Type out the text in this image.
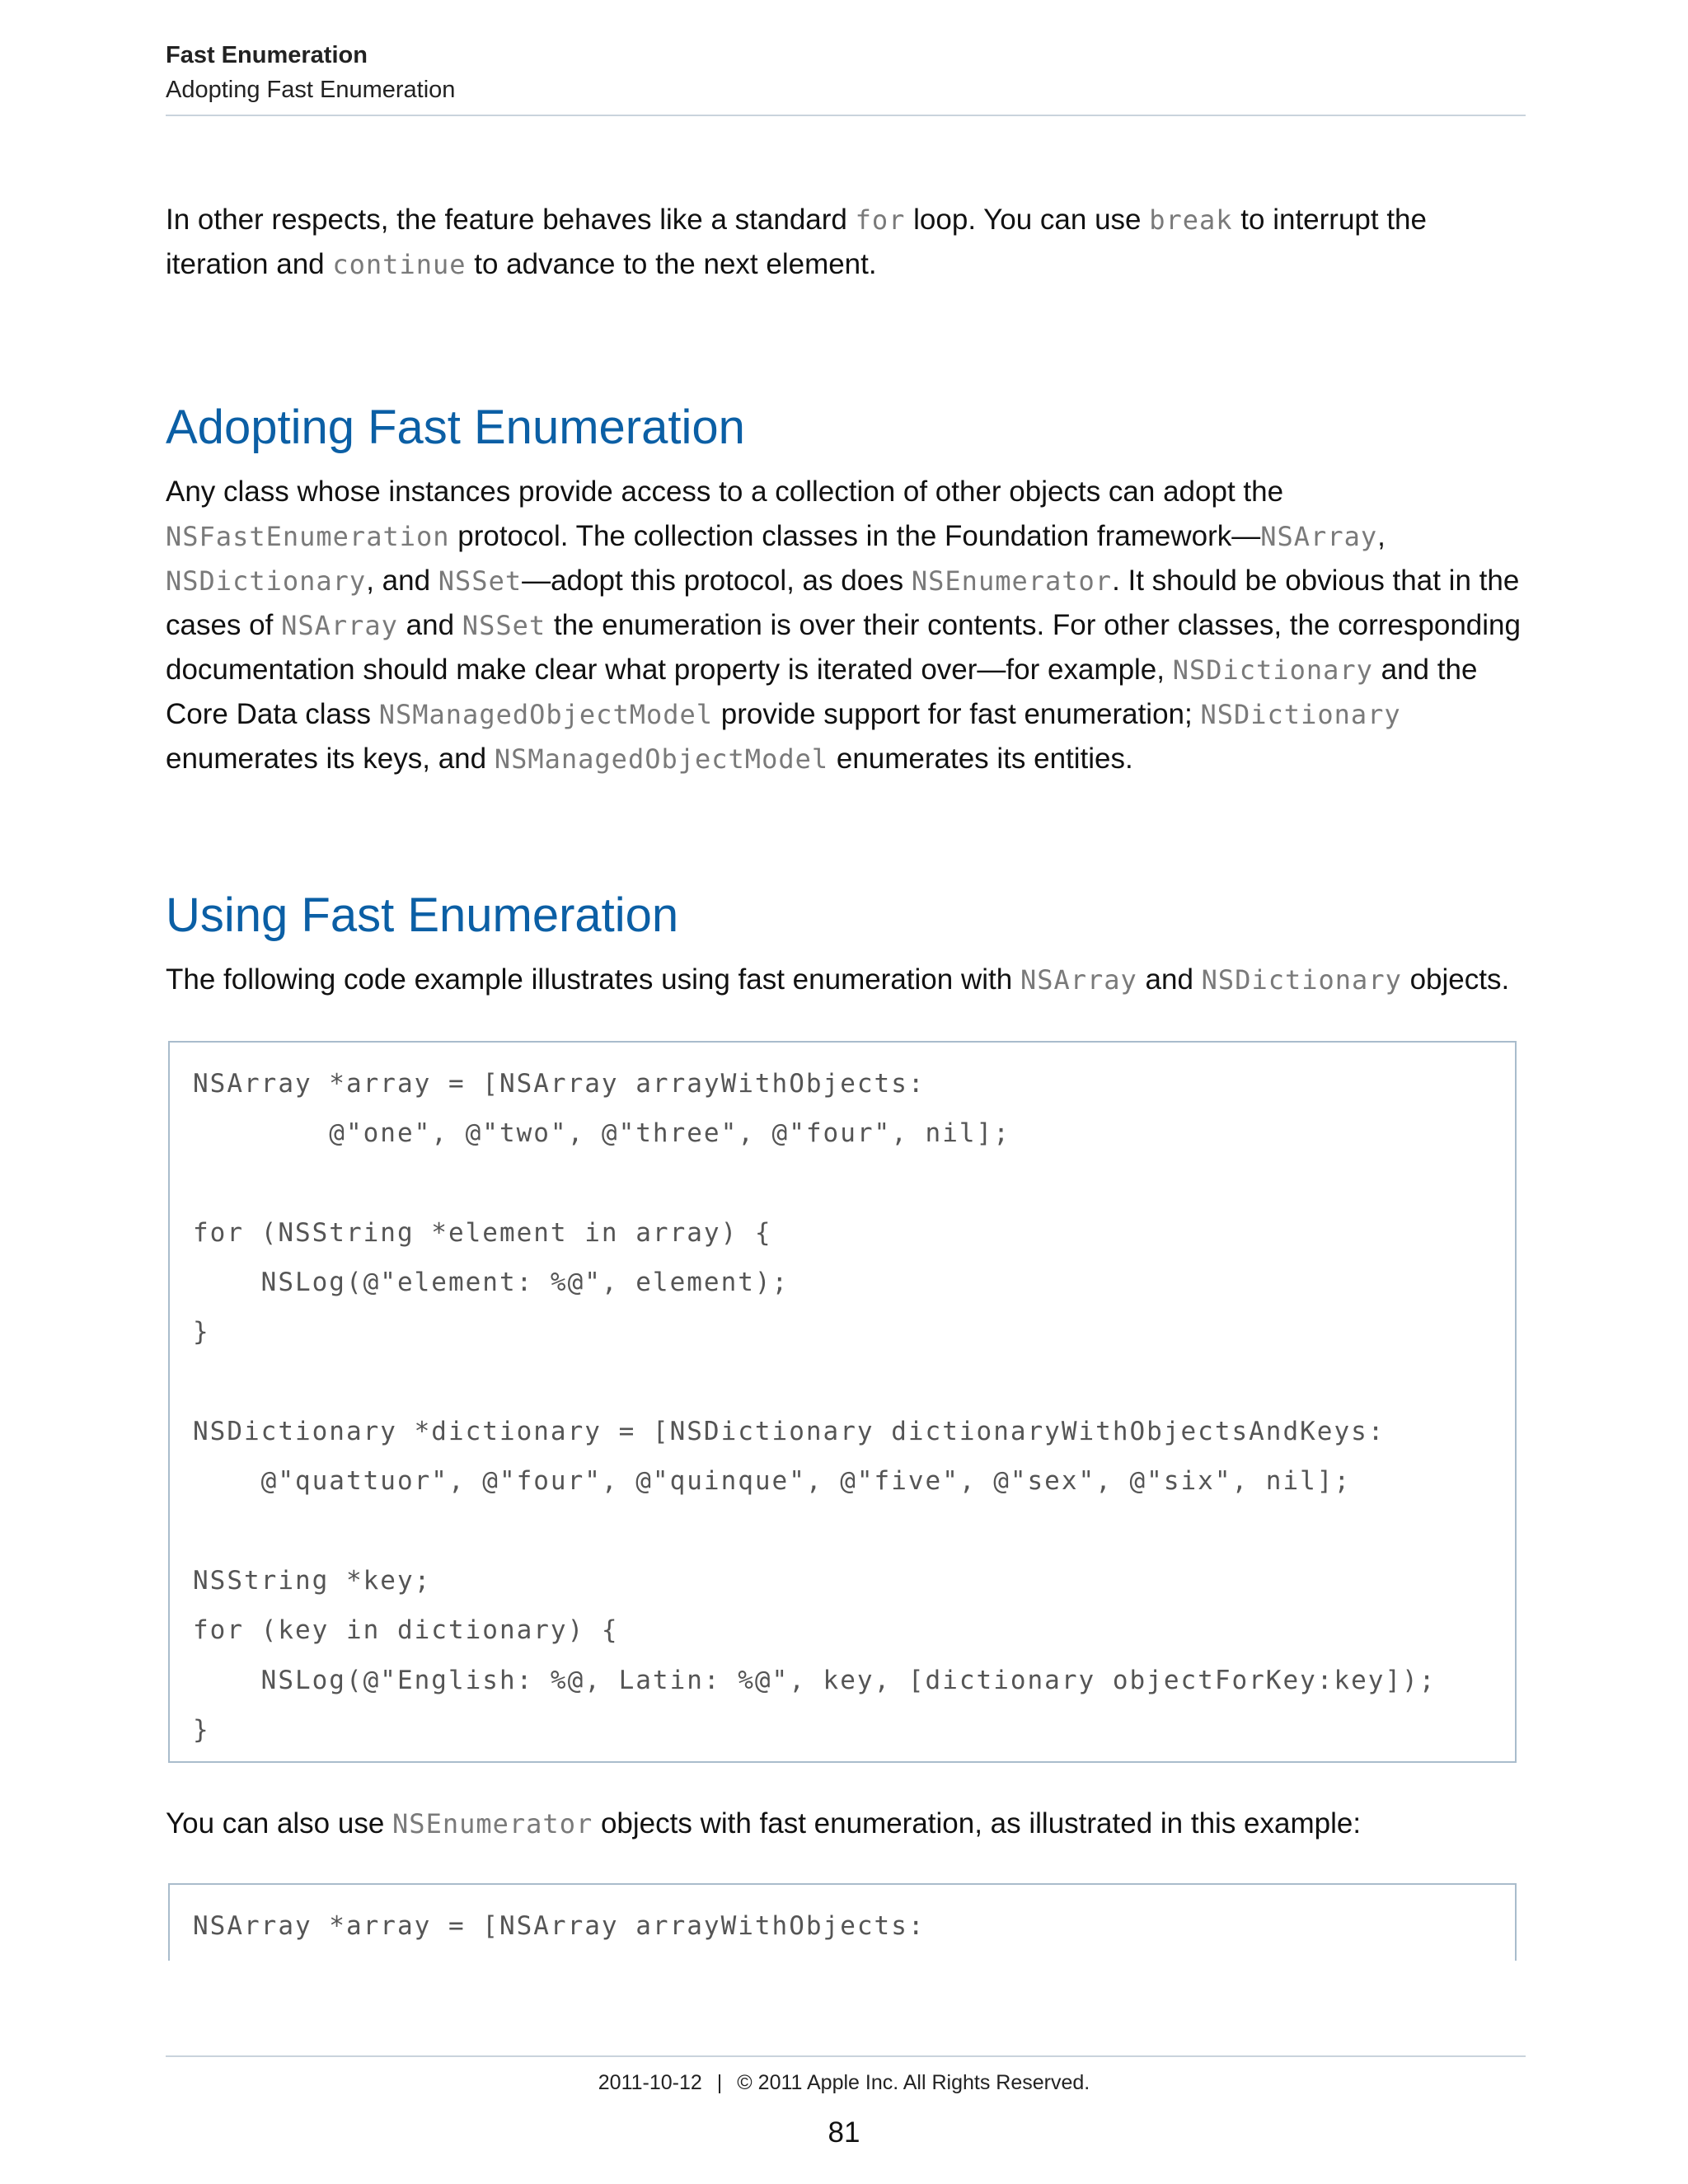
Fast Enumeration
Adopting Fast Enumeration

In other respects, the feature behaves like a standard for loop. You can use break to interrupt the iteration and continue to advance to the next element.

Adopting Fast Enumeration

Any class whose instances provide access to a collection of other objects can adopt the NSFastEnumeration protocol. The collection classes in the Foundation framework—NSArray, NSDictionary, and NSSet—adopt this protocol, as does NSEnumerator. It should be obvious that in the cases of NSArray and NSSet the enumeration is over their contents. For other classes, the corresponding documentation should make clear what property is iterated over—for example, NSDictionary and the Core Data class NSManagedObjectModel provide support for fast enumeration; NSDictionary enumerates its keys, and NSManagedObjectModel enumerates its entities.

Using Fast Enumeration

The following code example illustrates using fast enumeration with NSArray and NSDictionary objects.

NSArray *array = [NSArray arrayWithObjects:
@"one", @"two", @"three", @"four", nil];

for (NSString *element in array) {
NSLog(@"element: %@", element);
}

NSDictionary *dictionary = [NSDictionary dictionaryWithObjectsAndKeys:
@"quattuor", @"four", @"quinque", @"five", @"sex", @"six", nil];

NSString *key;
for (key in dictionary) {
NSLog(@"English: %@, Latin: %@", key, [dictionary objectForKey:key]);
}

You can also use NSEnumerator objects with fast enumeration, as illustrated in this example:

NSArray *array = [NSArray arrayWithObjects:
2011-10-12 | © 2011 Apple Inc. All Rights Reserved.
81
